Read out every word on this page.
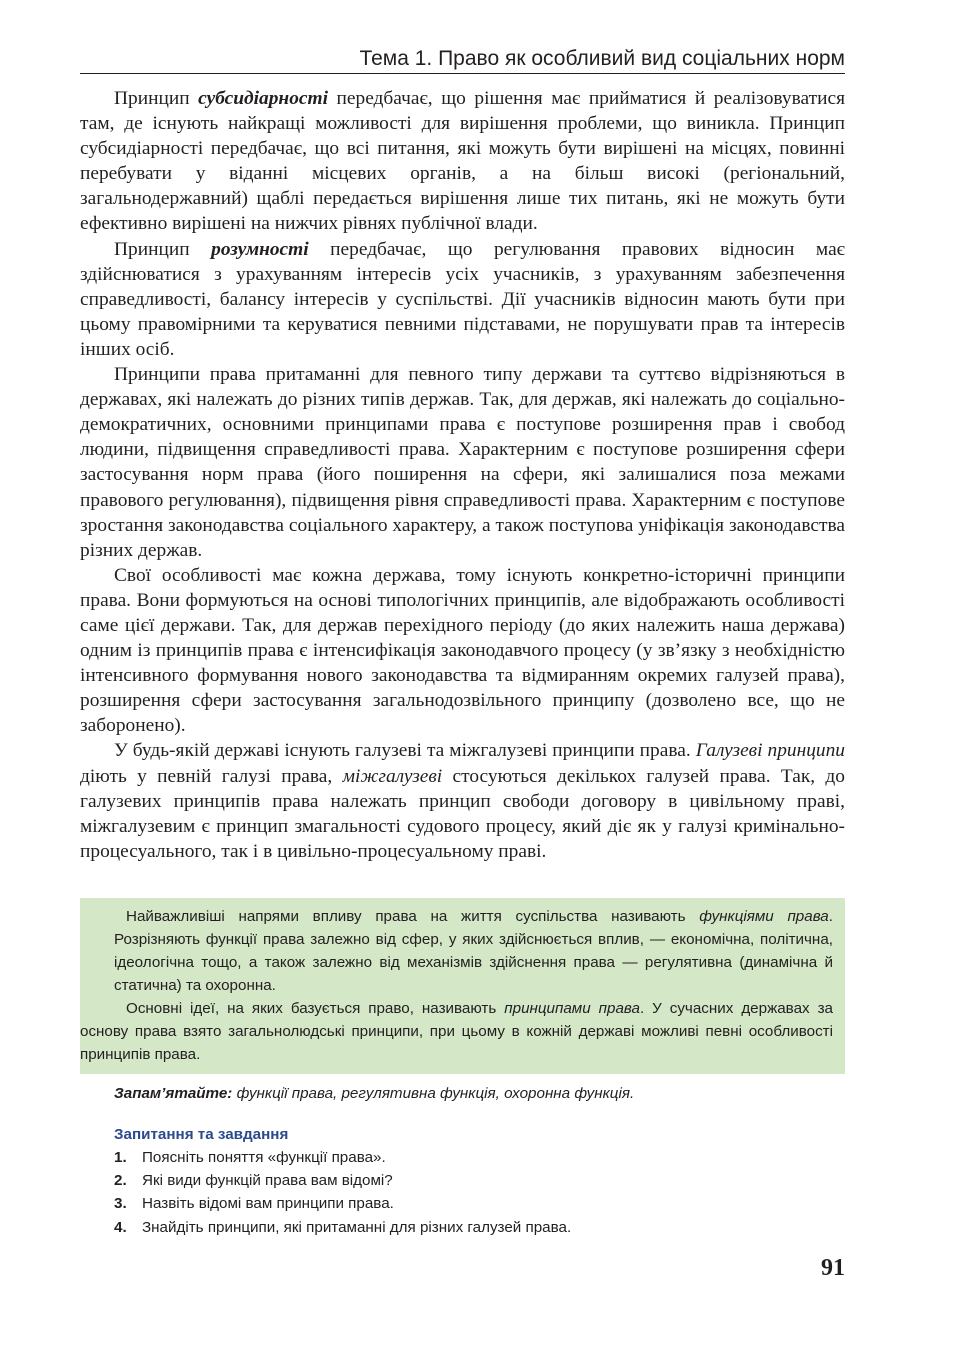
Тема 1. Право як особливий вид соціальних норм

Принцип субсидіарності передбачає, що рішення має прийматися й реалізовуватися там, де існують найкращі можливості для вирішення проблеми, що виникла. Принцип субсидіарності передбачає, що всі питання, які можуть бути вирішені на місцях, повинні перебувати у віданні місцевих органів, а на більш високі (регіональний, загальнодержавний) щаблі передається вирішення лише тих питань, які не можуть бути ефективно вирішені на нижчих рівнях публічної влади.

Принцип розумності передбачає, що регулювання правових відносин має здійснюватися з урахуванням інтересів усіх учасників, з урахуванням забезпечення справедливості, балансу інтересів у суспільстві. Дії учасників відносин мають бути при цьому правомірними та керуватися певними підставами, не порушувати прав та інтересів інших осіб.

Принципи права притаманні для певного типу держави та суттєво відрізняються в державах, які належать до різних типів держав. Так, для держав, які належать до соціально-демократичних, основними принципами права є поступове розширення прав і свобод людини, підвищення справедливості права. Характерним є поступове розширення сфери застосування норм права (його поширення на сфери, які залишалися поза межами правового регулювання), підвищення рівня справедливості права. Характерним є поступове зростання законодавства соціального характеру, а також поступова уніфікація законодавства різних держав.

Свої особливості має кожна держава, тому існують конкретно-історичні принципи права. Вони формуються на основі типологічних принципів, але відображають особливості саме цієї держави. Так, для держав перехідного періоду (до яких належить наша держава) одним із принципів права є інтенсифікація законодавчого процесу (у зв’язку з необхідністю інтенсивного формування нового законодавства та відмиранням окремих галузей права), розширення сфери застосування загальнодозвільного принципу (дозволено все, що не заборонено).

У будь-якій державі існують галузеві та міжгалузеві принципи права. Галузеві принципи діють у певній галузі права, міжгалузеві стосуються декількох галузей права. Так, до галузевих принципів права належать принцип свободи договору в цивільному праві, міжгалузевим є принцип змагальності судового процесу, який діє як у галузі кримінально-процесуального, так і в цивільно-процесуальному праві.

Найважливіші напрями впливу права на життя суспільства називають функціями права. Розрізняють функції права залежно від сфер, у яких здійснюється вплив, — економічна, політична, ідеологічна тощо, а також залежно від механізмів здійснення права — регулятивна (динамічна й статична) та охоронна.

Основні ідеї, на яких базується право, називають принципами права. У сучасних державах за основу права взято загальнолюдські принципи, при цьому в кожній державі можливі певні особливості принципів права.

Запам’ятайте: функції права, регулятивна функція, охоронна функція.
Запитання та завдання
1. Поясніть поняття «функції права».
2. Які види функцій права вам відомі?
3. Назвіть відомі вам принципи права.
4. Знайдіть принципи, які притаманні для різних галузей права.
91
